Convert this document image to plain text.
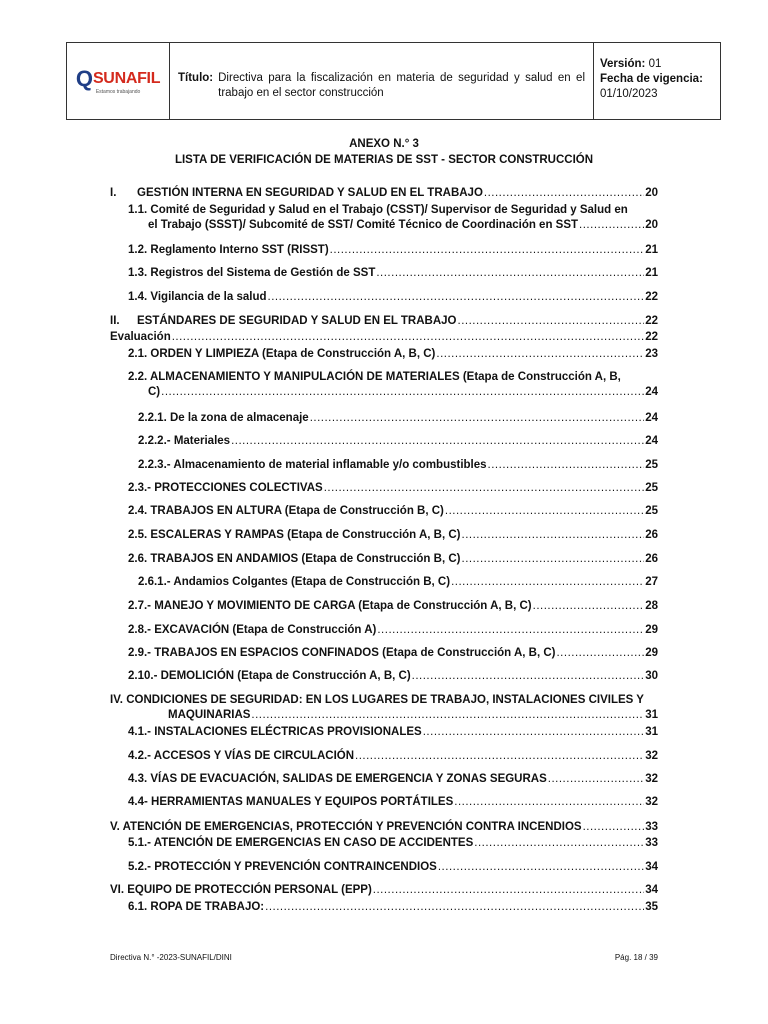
Q SUNAFIL
Estamos trabajando
Título: Directiva para la fiscalización en materia de seguridad y salud en el trabajo en el sector construcción
Versión: 01
Fecha de vigencia:
01/10/2023
ANEXO N.° 3
LISTA DE VERIFICACIÓN DE MATERIAS DE SST - SECTOR CONSTRUCCIÓN
I. GESTIÓN INTERNA EN SEGURIDAD Y SALUD EN EL TRABAJO .....	20
1.1. Comité de Seguridad y Salud en el Trabajo (CSST)/ Supervisor de Seguridad y Salud en
el Trabajo (SSST)/ Subcomité de SST/ Comité Técnico de Coordinación en SST .....	20
1.2. Reglamento Interno SST (RISST) .....	21
1.3. Registros del Sistema de Gestión de SST .....	21
1.4. Vigilancia de la salud .....	22
II. ESTÁNDARES DE SEGURIDAD Y SALUD EN EL TRABAJO .....	22
Evaluación .....	22
2.1. ORDEN Y LIMPIEZA (Etapa de Construcción A, B, C) .....	23
2.2. ALMACENAMIENTO Y MANIPULACIÓN DE MATERIALES (Etapa de Construcción A, B,
C) .....	24
2.2.1. De la zona de almacenaje .....	24
2.2.2.- Materiales .....	24
2.2.3.- Almacenamiento de material inflamable y/o combustibles .....	25
2.3.- PROTECCIONES COLECTIVAS .....	25
2.4. TRABAJOS EN ALTURA (Etapa de Construcción B, C) .....	25
2.5. ESCALERAS Y RAMPAS (Etapa de Construcción A, B, C) .....	26
2.6. TRABAJOS EN ANDAMIOS (Etapa de Construcción B, C) .....	26
2.6.1.- Andamios Colgantes (Etapa de Construcción B, C) .....	27
2.7.- MANEJO Y MOVIMIENTO DE CARGA (Etapa de Construcción A, B, C) .....	28
2.8.- EXCAVACIÓN (Etapa de Construcción A) .....	29
2.9.- TRABAJOS EN ESPACIOS CONFINADOS (Etapa de Construcción A, B, C) .....	29
2.10.- DEMOLICIÓN (Etapa de Construcción A, B, C) .....	30
IV. CONDICIONES DE SEGURIDAD: EN LOS LUGARES DE TRABAJO, INSTALACIONES CIVILES Y
MAQUINARIAS .....	31
4.1.- INSTALACIONES ELÉCTRICAS PROVISIONALES .....	31
4.2.- ACCESOS Y VÍAS DE CIRCULACIÓN .....	32
4.3. VÍAS DE EVACUACIÓN, SALIDAS DE EMERGENCIA Y ZONAS SEGURAS .....	32
4.4- HERRAMIENTAS MANUALES Y EQUIPOS PORTÁTILES .....	32
V. ATENCIÓN DE EMERGENCIAS, PROTECCIÓN Y PREVENCIÓN CONTRA INCENDIOS .....	33
5.1.- ATENCIÓN DE EMERGENCIAS EN CASO DE ACCIDENTES .....	33
5.2.- PROTECCIÓN Y PREVENCIÓN CONTRAINCENDIOS .....	34
VI. EQUIPO DE PROTECCIÓN PERSONAL (EPP) .....	34
6.1. ROPA DE TRABAJO: .....	35
Directiva N.° -2023-SUNAFIL/DINI	Pág. 18 / 39
